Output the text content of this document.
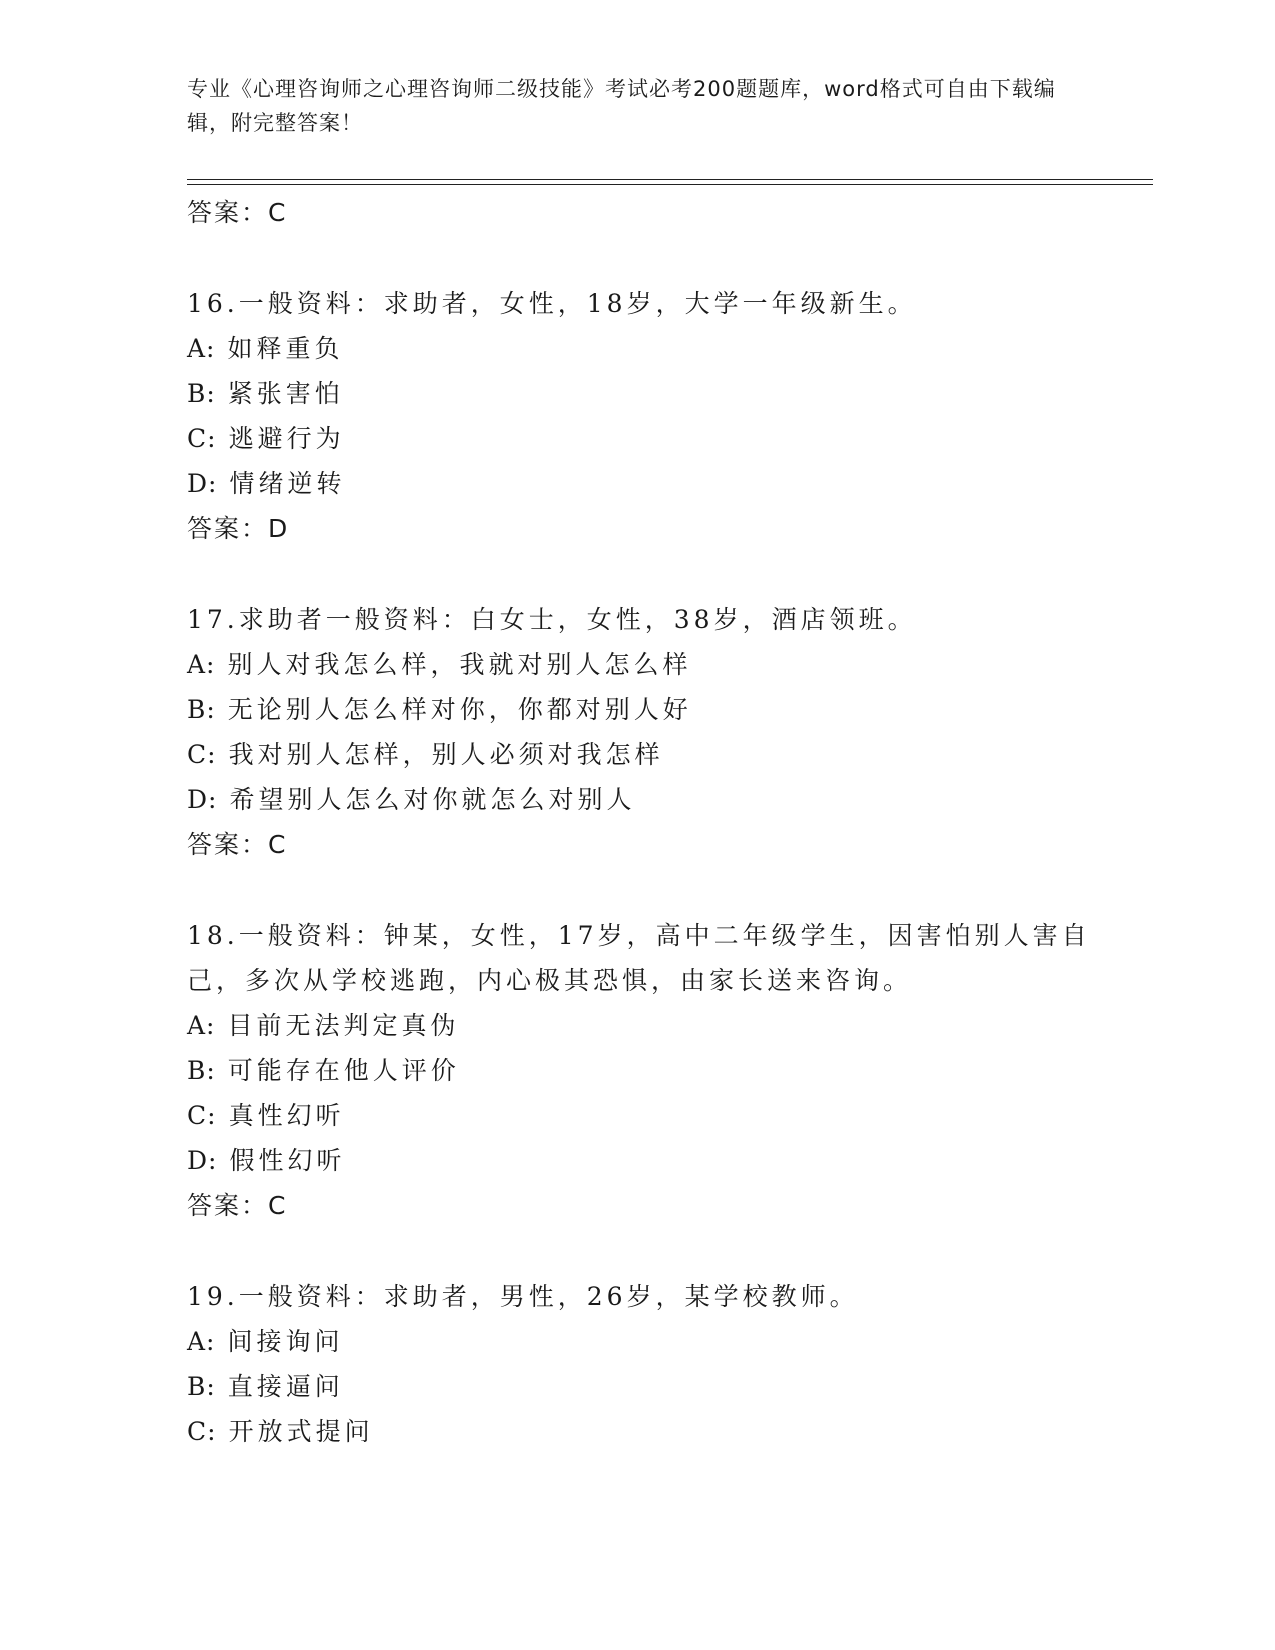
专业《心理咨询师之心理咨询师二级技能》考试必考200题题库，word格式可自由下载编辑，附完整答案！
答案：C
16.一般资料：求助者，女性，18岁，大学一年级新生。
A: 如释重负
B: 紧张害怕
C: 逃避行为
D: 情绪逆转
答案：D
17.求助者一般资料：白女士，女性，38岁，酒店领班。
A: 别人对我怎么样，我就对别人怎么样
B: 无论别人怎么样对你，你都对别人好
C: 我对别人怎样，别人必须对我怎样
D: 希望别人怎么对你就怎么对别人
答案：C
18.一般资料：钟某，女性，17岁，高中二年级学生，因害怕别人害自己，多次从学校逃跑，内心极其恐惧，由家长送来咨询。
A: 目前无法判定真伪
B: 可能存在他人评价
C: 真性幻听
D: 假性幻听
答案：C
19.一般资料：求助者，男性，26岁，某学校教师。
A: 间接询问
B: 直接逼问
C: 开放式提问
